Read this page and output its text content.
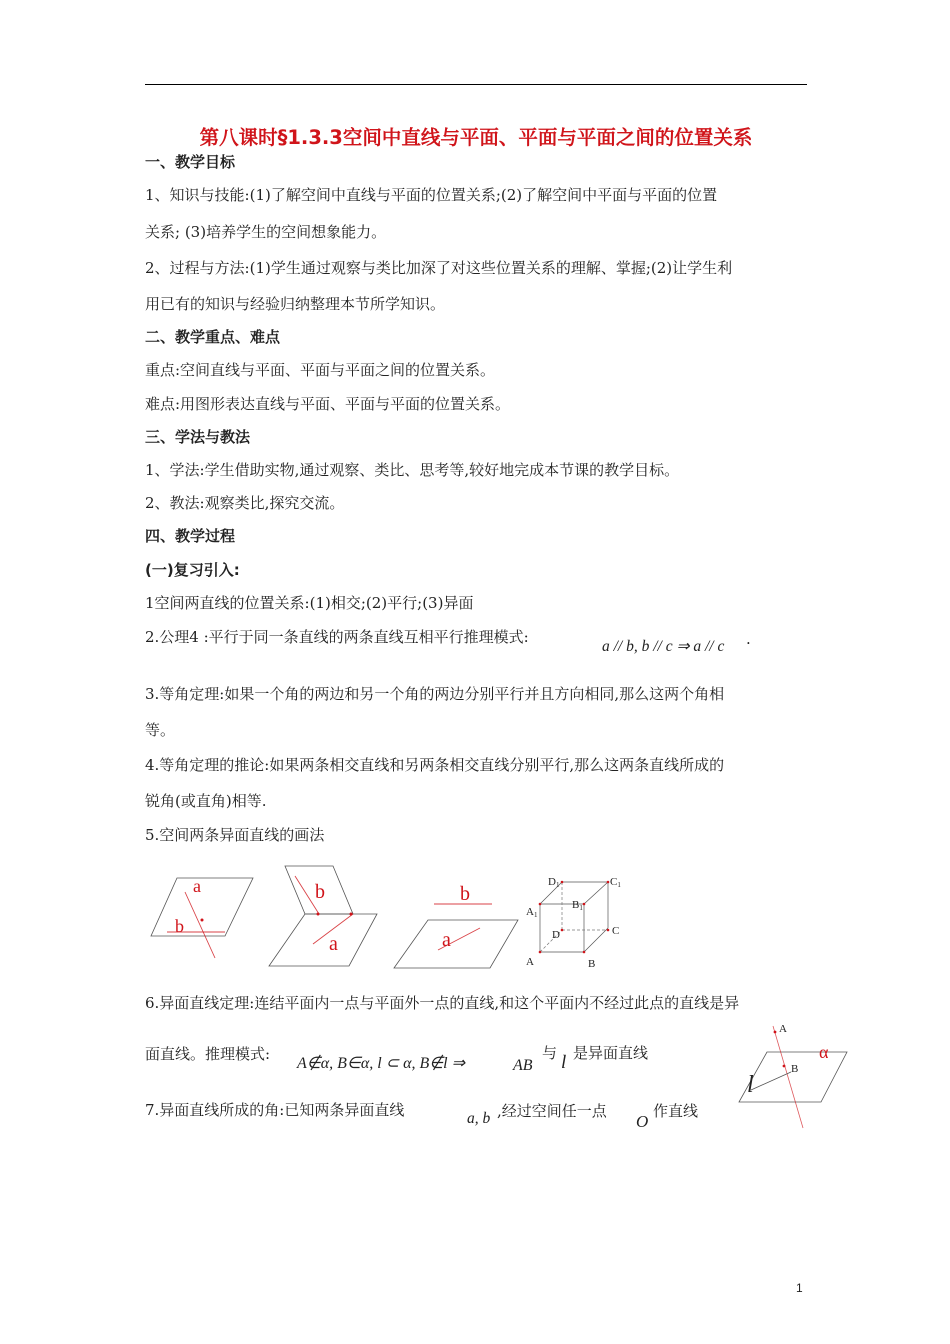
第八课时§1.3.3空间中直线与平面、平面与平面之间的位置关系
一、教学目标
1、知识与技能:(1)了解空间中直线与平面的位置关系;(2)了解空间中平面与平面的位置
关系; (3)培养学生的空间想象能力。
2、过程与方法:(1)学生通过观察与类比加深了对这些位置关系的理解、掌握;(2)让学生利
用已有的知识与经验归纳整理本节所学知识。
二、教学重点、难点
重点:空间直线与平面、平面与平面之间的位置关系。
难点:用图形表达直线与平面、平面与平面的位置关系。
三、学法与教法
1、学法:学生借助实物,通过观察、类比、思考等,较好地完成本节课的教学目标。
2、教法:观察类比,探究交流。
四、教学过程
(一)复习引入:
1空间两直线的位置关系:(1)相交;(2)平行;(3)异面
2.公理4 :平行于同一条直线的两条直线互相平行推理模式:
a // b, b // c ⇒ a // c .
3.等角定理:如果一个角的两边和另一个角的两边分别平行并且方向相同,那么这两个角相
等。
4.等角定理的推论:如果两条相交直线和另两条相交直线分别平行,那么这两条直线所成的
锐角(或直角)相等.
5.空间两条异面直线的画法
a
b
b
a
b
a
D1	C1
A1
B1
D	C
A	B
6.异面直线定理:连结平面内一点与平面外一点的直线,和这个平面内不经过此点的直线是异
面直线。推理模式:
A∉α, B∈α, l ⊂ α, B∉l ⇒	AB
与 l 是异面直线
A
B
α
l
7.异面直线所成的角:已知两条异面直线	a, b ,经过空间任一点
O
作直线
1
